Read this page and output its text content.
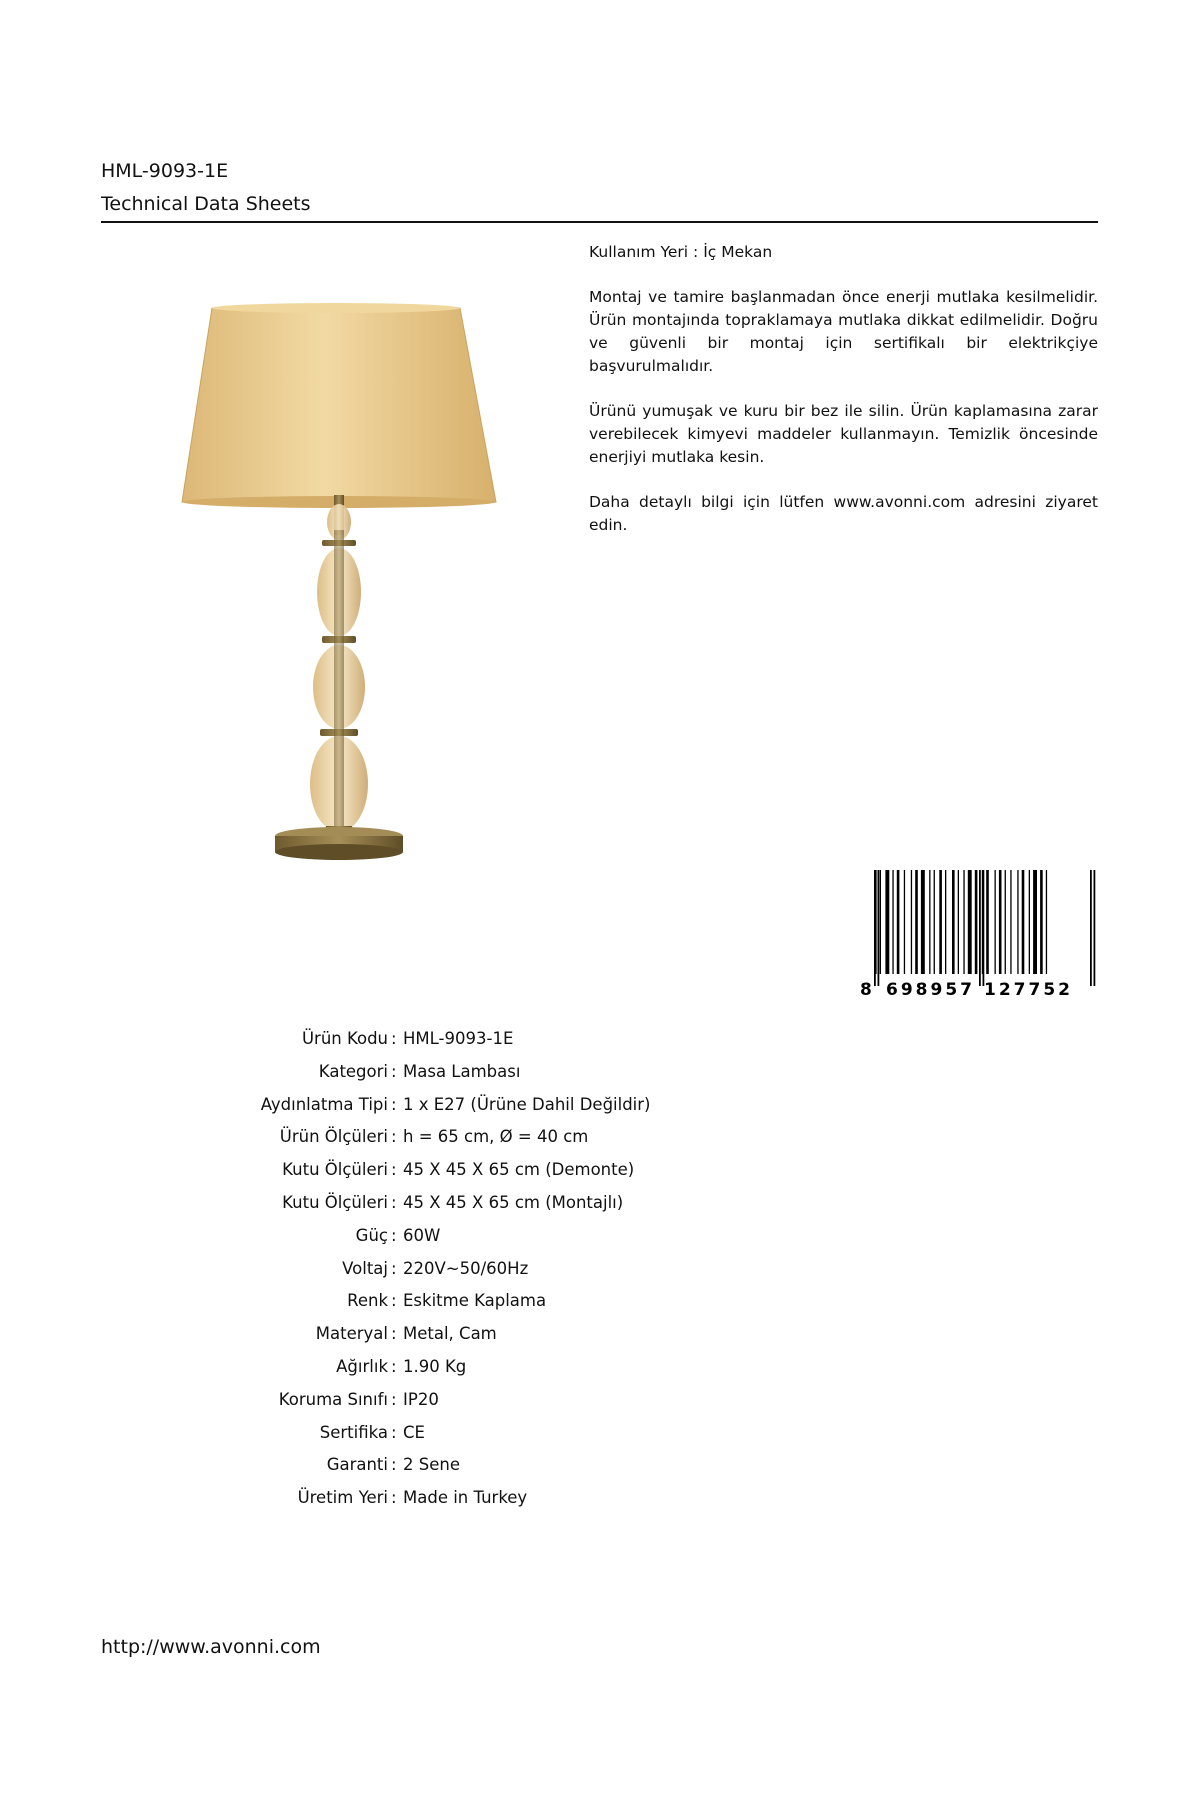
HML-9093-1E
Technical Data Sheets

Kullanım Yeri : İç Mekan

Montaj ve tamire başlanmadan önce enerji mutlaka kesilmelidir. Ürün montajında topraklamaya mutlaka dikkat edilmelidir. Doğru ve güvenli bir montaj için sertifikalı bir elektrikçiye başvurulmalıdır.

Ürünü yumuşak ve kuru bir bez ile silin. Ürün kaplamasına zarar verebilecek kimyevi maddeler kullanmayın. Temizlik öncesinde enerjiyi mutlaka kesin.

Daha detaylı bilgi için lütfen www.avonni.com adresini ziyaret edin.

8 698957 127752
Ürün Kodu : HML-9093-1E
Kategori : Masa Lambası
Aydınlatma Tipi : 1 x E27 (Ürüne Dahil Değildir)
Ürün Ölçüleri : h = 65 cm, Ø = 40 cm
Kutu Ölçüleri : 45 X 45 X 65 cm (Demonte)
Kutu Ölçüleri : 45 X 45 X 65 cm (Montajlı)
Güç : 60W
Voltaj : 220V~50/60Hz
Renk : Eskitme Kaplama
Materyal : Metal, Cam
Ağırlık : 1.90 Kg
Koruma Sınıfı : IP20
Sertifika : CE
Garanti : 2 Sene
Üretim Yeri : Made in Turkey
http://www.avonni.com
